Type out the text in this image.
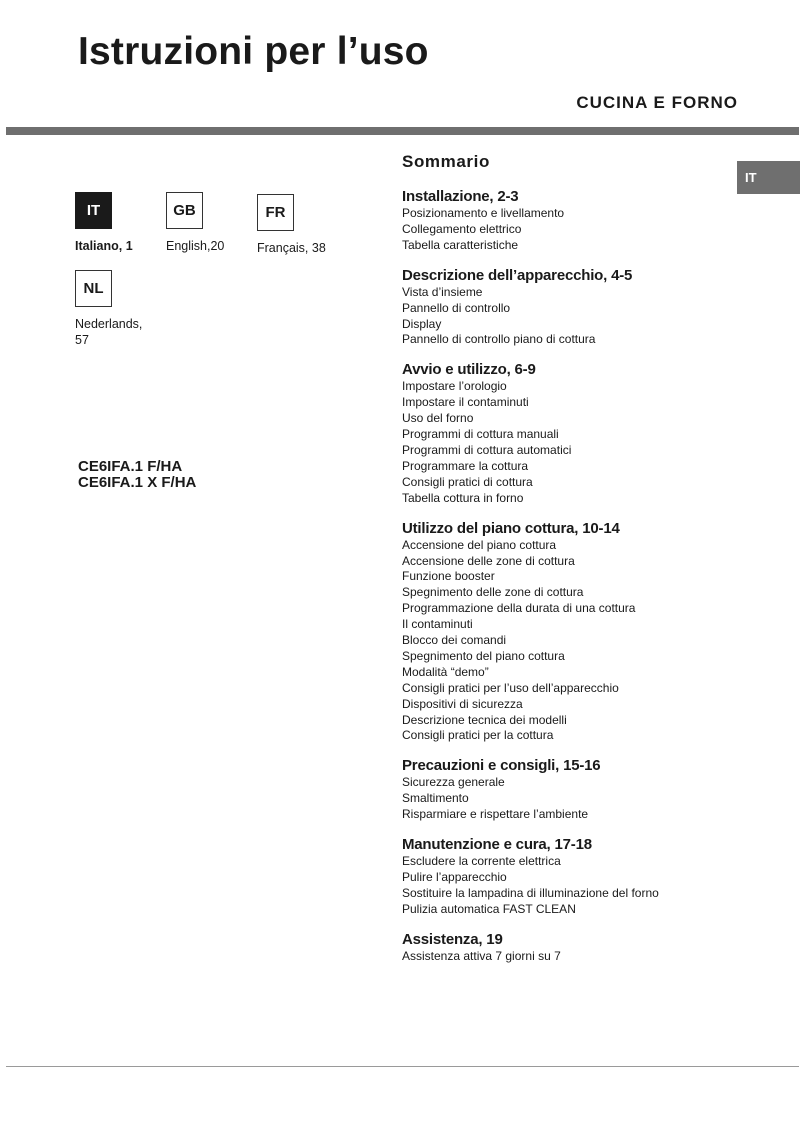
Istruzioni per l’uso
CUCINA E FORNO
IT
IT
Italiano, 1
GB
English,20
FR
Français, 38
NL
Nederlands,
57
CE6IFA.1 F/HA
CE6IFA.1 X F/HA
Sommario
Installazione, 2-3
Posizionamento e livellamento
Collegamento elettrico
Tabella caratteristiche
Descrizione dell’apparecchio, 4-5
Vista d’insieme
Pannello di controllo
Display
Pannello di controllo piano di cottura
Avvio e utilizzo, 6-9
Impostare l’orologio
Impostare il contaminuti
Uso del forno
Programmi di cottura manuali
Programmi di cottura automatici
Programmare la cottura
Consigli pratici di cottura
Tabella cottura in forno
Utilizzo del piano cottura, 10-14
Accensione del piano cottura
Accensione delle zone di cottura
Funzione booster
Spegnimento delle zone di cottura
Programmazione della durata di una cottura
Il contaminuti
Blocco dei comandi
Spegnimento del piano cottura
Modalità “demo”
Consigli pratici per l’uso dell’apparecchio
Dispositivi di sicurezza
Descrizione tecnica dei modelli
Consigli pratici per la cottura
Precauzioni e consigli, 15-16
Sicurezza generale
Smaltimento
Risparmiare e rispettare l’ambiente
Manutenzione e cura, 17-18
Escludere la corrente elettrica
Pulire l’apparecchio
Sostituire la lampadina di illuminazione del forno
Pulizia automatica FAST CLEAN
Assistenza, 19
Assistenza attiva 7 giorni su 7
